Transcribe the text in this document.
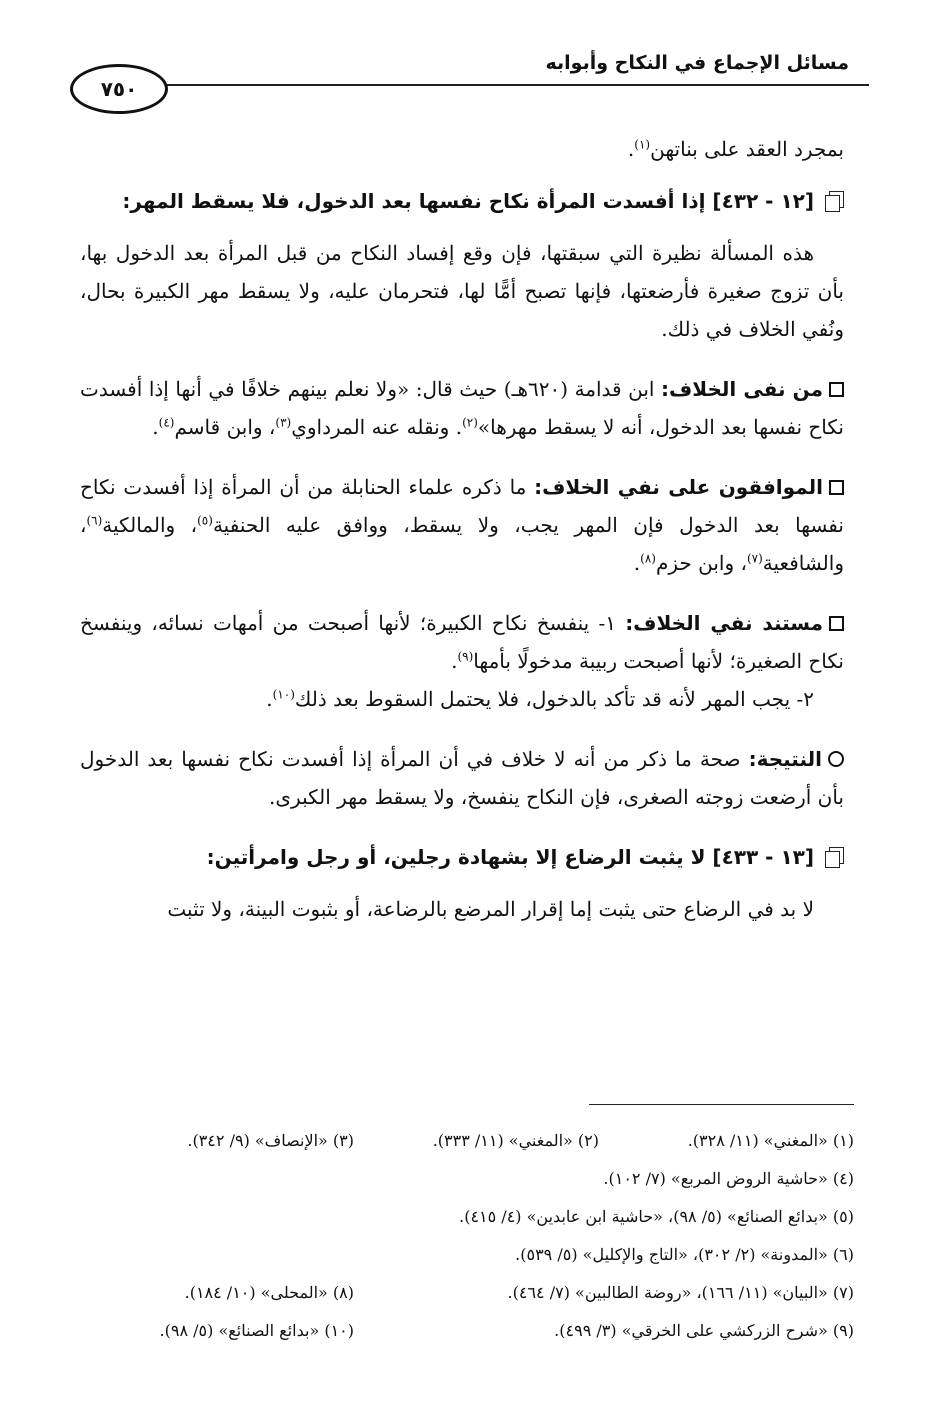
مسائل الإجماع في النكاح وأبوابه
٧٥٠

بمجرد العقد على بناتهن$^{(١)}$.

[١٢ - ٤٣٢] إذا أفسدت المرأة نكاح نفسها بعد الدخول، فلا يسقط المهر:

هذه المسألة نظيرة التي سبقتها، فإن وقع إفساد النكاح من قبل المرأة بعد الدخول بها، بأن تزوج صغيرة فأرضعتها، فإنها تصبح أمًّا لها، فتحرمان عليه، ولا يسقط مهر الكبيرة بحال، ونُفي الخلاف في ذلك.

من نفى الخلاف: ابن قدامة (٦٢٠هـ) حيث قال: «ولا نعلم بينهم خلافًا في أنها إذا أفسدت نكاح نفسها بعد الدخول، أنه لا يسقط مهرها»$^{(٢)}$. ونقله عنه المرداوي$^{(٣)}$، وابن قاسم$^{(٤)}$.

الموافقون على نفي الخلاف: ما ذكره علماء الحنابلة من أن المرأة إذا أفسدت نكاح نفسها بعد الدخول فإن المهر يجب، ولا يسقط، ووافق عليه الحنفية$^{(٥)}$، والمالكية$^{(٦)}$، والشافعية$^{(٧)}$، وابن حزم$^{(٨)}$.

مستند نفي الخلاف: ١- ينفسخ نكاح الكبيرة؛ لأنها أصبحت من أمهات نسائه، وينفسخ نكاح الصغيرة؛ لأنها أصبحت ربيبة مدخولًا بأمها$^{(٩)}$.

٢- يجب المهر لأنه قد تأكد بالدخول، فلا يحتمل السقوط بعد ذلك$^{(١٠)}$.

النتيجة: صحة ما ذكر من أنه لا خلاف في أن المرأة إذا أفسدت نكاح نفسها بعد الدخول بأن أرضعت زوجته الصغرى، فإن النكاح ينفسخ، ولا يسقط مهر الكبرى.

[١٣ - ٤٣٣] لا يثبت الرضاع إلا بشهادة رجلين، أو رجل وامرأتين:

لا بد في الرضاع حتى يثبت إما إقرار المرضع بالرضاعة، أو بثبوت البينة، ولا تثبت

(١) «المغني» (١١/ ٣٢٨).
(٢) «المغني» (١١/ ٣٣٣).
(٣) «الإنصاف» (٩/ ٣٤٢).
(٤) «حاشية الروض المربع» (٧/ ١٠٢).
(٥) «بدائع الصنائع» (٥/ ٩٨)، «حاشية ابن عابدين» (٤/ ٤١٥).
(٦) «المدونة» (٢/ ٣٠٢)، «التاج والإكليل» (٥/ ٥٣٩).
(٧) «البيان» (١١/ ١٦٦)، «روضة الطالبين» (٧/ ٤٦٤).
(٨) «المحلى» (١٠/ ١٨٤).
(٩) «شرح الزركشي على الخرقي» (٣/ ٤٩٩).
(١٠) «بدائع الصنائع» (٥/ ٩٨).
